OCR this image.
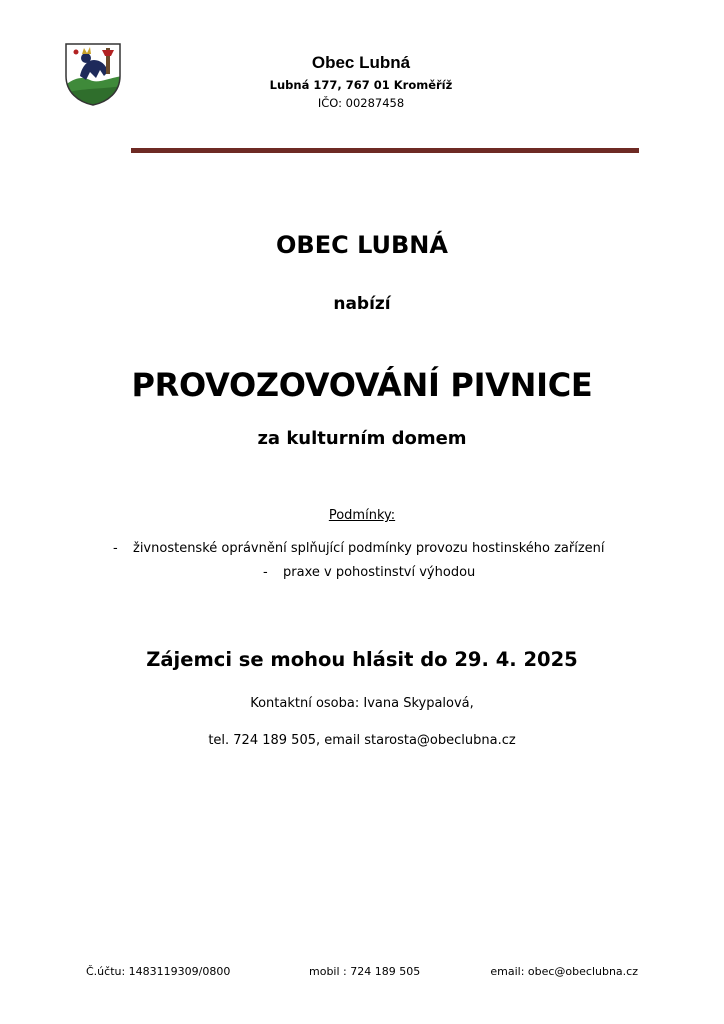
Obec Lubná
Lubná 177, 767 01 Kroměříž
IČO: 00287458
OBEC LUBNÁ
nabízí
PROVOZOVOVÁNÍ PIVNICE
za kulturním domem
Podmínky:
- živnostenské oprávnění splňující podmínky provozu hostinského zařízení
- praxe v pohostinství výhodou
Zájemci se mohou hlásit do 29. 4. 2025
Kontaktní osoba: Ivana Skypalová,
tel. 724 189 505, email starosta@obeclubna.cz
Č.účtu: 1483119309/0800	mobil : 724 189 505	email: obec@obeclubna.cz
